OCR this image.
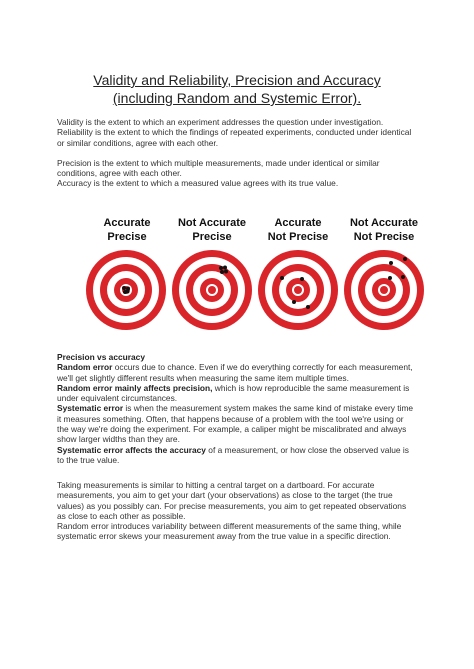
Validity and Reliability, Precision and Accuracy
(including Random and Systemic Error).

Validity is the extent to which an experiment addresses the question under investigation.

Reliability is the extent to which the findings of repeated experiments, conducted under identical or similar conditions, agree with each other.

Precision is the extent to which multiple measurements, made under identical or similar conditions, agree with each other.

Accuracy is the extent to which a measured value agrees with its true value.

Accurate
Precise
Not Accurate
Precise
Accurate
Not Precise
Not Accurate
Not Precise

Precision vs accuracy

Random error occurs due to chance. Even if we do everything correctly for each measurement, we'll get slightly different results when measuring the same item multiple times.

Random error mainly affects precision, which is how reproducible the same measurement is under equivalent circumstances.

Systematic error is when the measurement system makes the same kind of mistake every time it measures something. Often, that happens because of a problem with the tool we're using or the way we're doing the experiment. For example, a caliper might be miscalibrated and always show larger widths than they are.

Systematic error affects the accuracy of a measurement, or how close the observed value is to the true value.

Taking measurements is similar to hitting a central target on a dartboard. For accurate measurements, you aim to get your dart (your observations) as close to the target (the true values) as you possibly can. For precise measurements, you aim to get repeated observations as close to each other as possible.

Random error introduces variability between different measurements of the same thing, while systematic error skews your measurement away from the true value in a specific direction.
